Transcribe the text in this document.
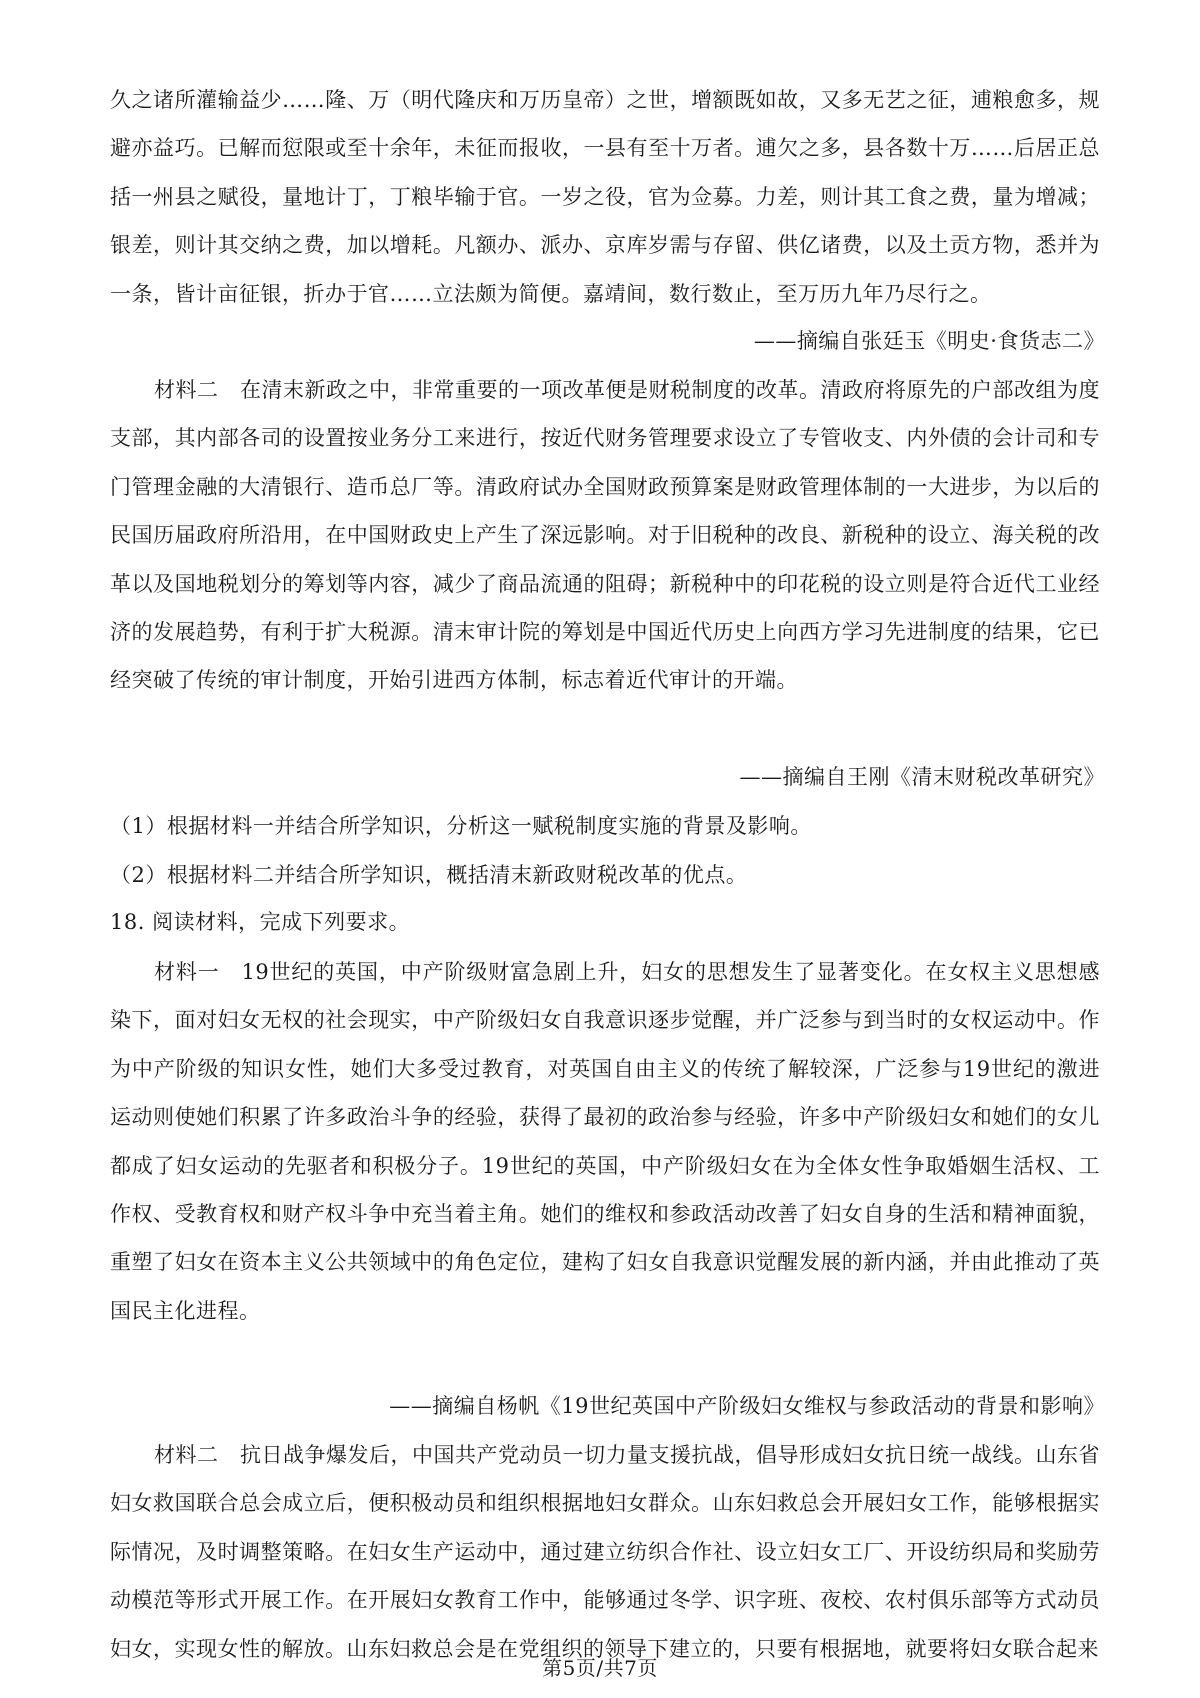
久之诸所灌输益少……隆、万（明代隆庆和万历皇帝）之世，增额既如故，又多无艺之征，逋粮愈多，规避亦益巧。已解而愆限或至十余年，未征而报收，一县有至十万者。逋欠之多，县各数十万……后居正总括一州县之赋役，量地计丁，丁粮毕输于官。一岁之役，官为佥募。力差，则计其工食之费，量为增减；银差，则计其交纳之费，加以增耗。凡额办、派办、京库岁需与存留、供亿诸费，以及土贡方物，悉并为一条，皆计亩征银，折办于官……立法颇为简便。嘉靖间，数行数止，至万历九年乃尽行之。

——摘编自张廷玉《明史·食货志二》

材料二　在清末新政之中，非常重要的一项改革便是财税制度的改革。清政府将原先的户部改组为度支部，其内部各司的设置按业务分工来进行，按近代财务管理要求设立了专管收支、内外债的会计司和专门管理金融的大清银行、造币总厂等。清政府试办全国财政预算案是财政管理体制的一大进步，为以后的民国历届政府所沿用，在中国财政史上产生了深远影响。对于旧税种的改良、新税种的设立、海关税的改革以及国地税划分的筹划等内容，减少了商品流通的阻碍；新税种中的印花税的设立则是符合近代工业经济的发展趋势，有利于扩大税源。清末审计院的筹划是中国近代历史上向西方学习先进制度的结果，它已经突破了传统的审计制度，开始引进西方体制，标志着近代审计的开端。

——摘编自王刚《清末财税改革研究》

（1）根据材料一并结合所学知识，分析这一赋税制度实施的背景及影响。

（2）根据材料二并结合所学知识，概括清末新政财税改革的优点。

18. 阅读材料，完成下列要求。

材料一　19世纪的英国，中产阶级财富急剧上升，妇女的思想发生了显著变化。在女权主义思想感染下，面对妇女无权的社会现实，中产阶级妇女自我意识逐步觉醒，并广泛参与到当时的女权运动中。作为中产阶级的知识女性，她们大多受过教育，对英国自由主义的传统了解较深，广泛参与19世纪的激进运动则使她们积累了许多政治斗争的经验，获得了最初的政治参与经验，许多中产阶级妇女和她们的女儿都成了妇女运动的先驱者和积极分子。19世纪的英国，中产阶级妇女在为全体女性争取婚姻生活权、工作权、受教育权和财产权斗争中充当着主角。她们的维权和参政活动改善了妇女自身的生活和精神面貌，重塑了妇女在资本主义公共领域中的角色定位，建构了妇女自我意识觉醒发展的新内涵，并由此推动了英国民主化进程。

——摘编自杨帆《19世纪英国中产阶级妇女维权与参政活动的背景和影响》

材料二　抗日战争爆发后，中国共产党动员一切力量支援抗战，倡导形成妇女抗日统一战线。山东省妇女救国联合总会成立后，便积极动员和组织根据地妇女群众。山东妇救总会开展妇女工作，能够根据实际情况，及时调整策略。在妇女生产运动中，通过建立纺织合作社、设立妇女工厂、开设纺织局和奖励劳动模范等形式开展工作。在开展妇女教育工作中，能够通过冬学、识字班、夜校、农村俱乐部等方式动员妇女，实现女性的解放。山东妇救总会是在党组织的领导下建立的，只要有根据地，就要将妇女联合起来

第5页/共7页
